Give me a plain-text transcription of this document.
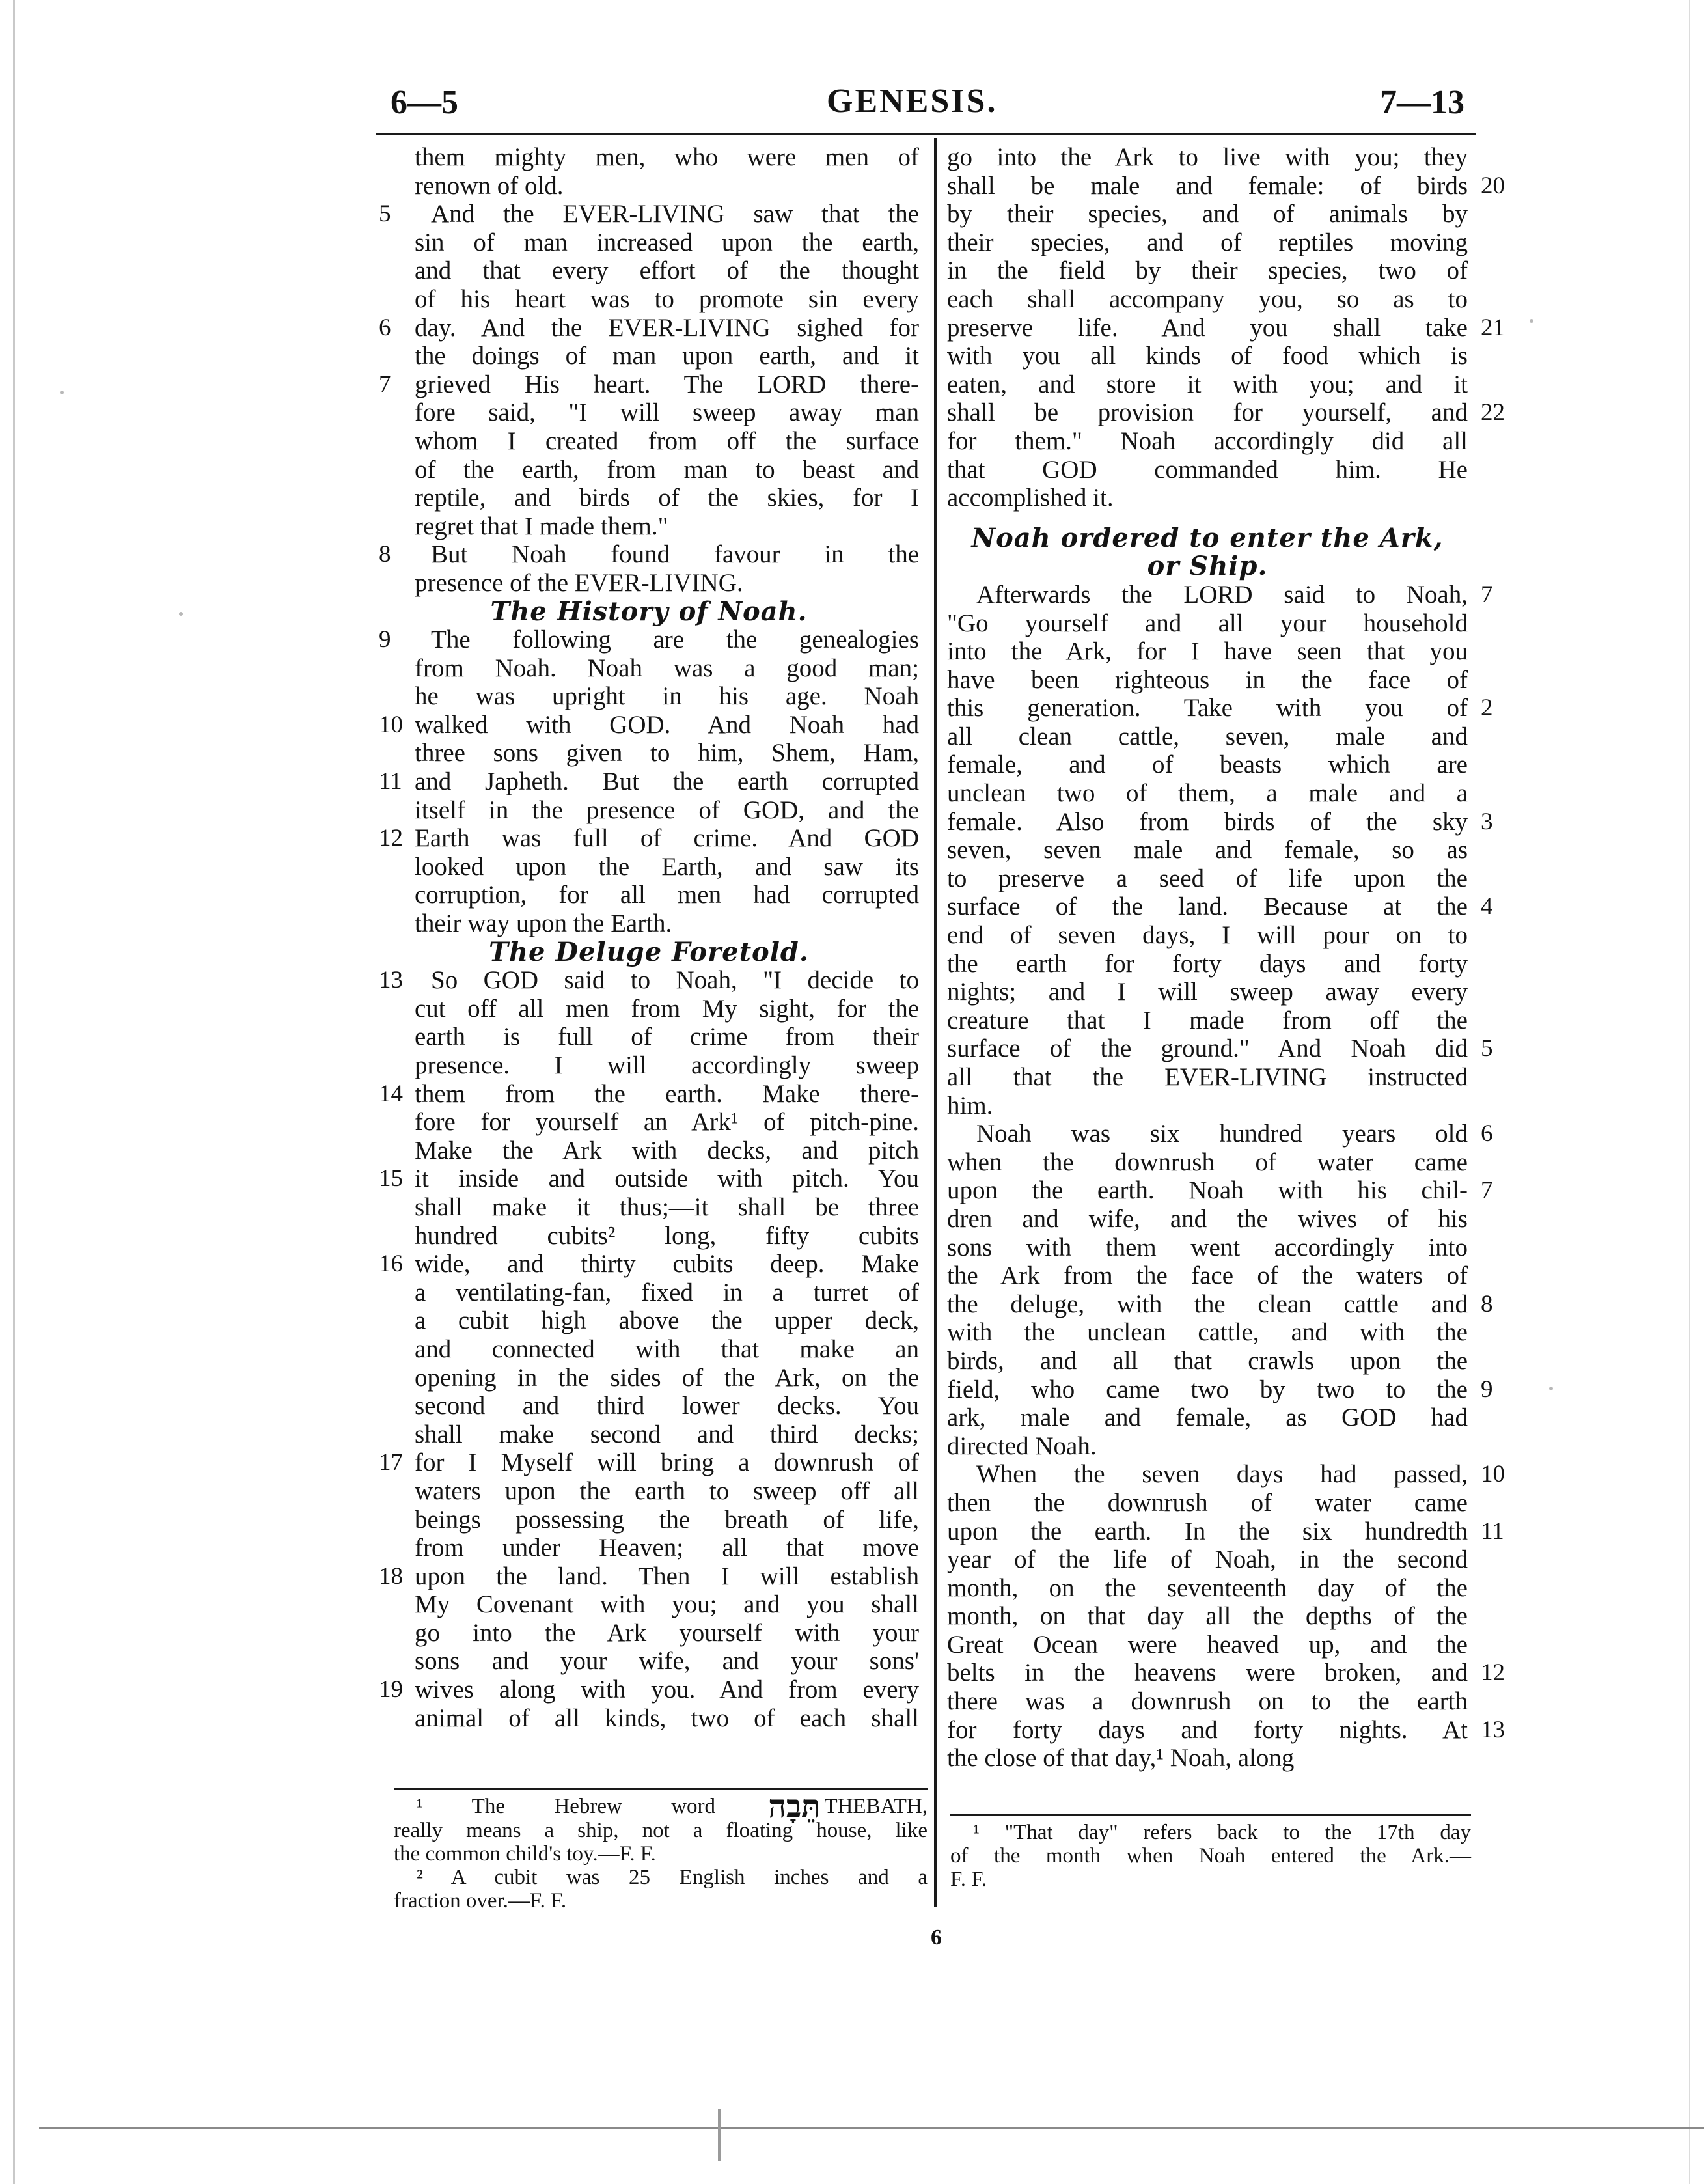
6—5	GENESIS.	7—13
them mighty men, who were men of
renown of old.
And the EVER-LIVING saw that the
5
sin of man increased upon the earth,
and that every effort of the thought
of his heart was to promote sin every
day. And the EVER-LIVING sighed for
6
the doings of man upon earth, and it
grieved His heart. The LORD there-
7
fore said, "I will sweep away man
whom I created from off the surface
of the earth, from man to beast and
reptile, and birds of the skies, for I
regret that I made them."
But Noah found favour in the
8
presence of the EVER-LIVING.
The History of Noah.
The following are the genealogies
9
from Noah. Noah was a good man;
he was upright in his age. Noah
walked with GOD. And Noah had
10
three sons given to him, Shem, Ham,
and Japheth. But the earth corrupted
11
itself in the presence of GOD, and the
Earth was full of crime. And GOD
12
looked upon the Earth, and saw its
corruption, for all men had corrupted
their way upon the Earth.
The Deluge Foretold.
So GOD said to Noah, "I decide to
13
cut off all men from My sight, for the
earth is full of crime from their
presence. I will accordingly sweep
them from the earth. Make there-
14
fore for yourself an Ark¹ of pitch-pine.
Make the Ark with decks, and pitch
it inside and outside with pitch. You
15
shall make it thus;—it shall be three
hundred cubits² long, fifty cubits
wide, and thirty cubits deep. Make
16
a ventilating-fan, fixed in a turret of
a cubit high above the upper deck,
and connected with that make an
opening in the sides of the Ark, on the
second and third lower decks. You
shall make second and third decks;
for I Myself will bring a downrush of
17
waters upon the earth to sweep off all
beings possessing the breath of life,
from under Heaven; all that move
upon the land. Then I will establish
18
My Covenant with you; and you shall
go into the Ark yourself with your
sons and your wife, and your sons'
wives along with you. And from every
19
animal of all kinds, two of each shall
go into the Ark to live with you; they
shall be male and female: of birds 20
by their species, and of animals by
their species, and of reptiles moving
in the field by their species, two of
each shall accompany you, so as to
preserve life. And you shall take 21
with you all kinds of food which is
eaten, and store it with you; and it
shall be provision for yourself, and 22
for them." Noah accordingly did all
that GOD commanded him. He
accomplished it.
Noah ordered to enter the Ark,
or Ship.
Afterwards the LORD said to Noah, 7
"Go yourself and all your household
into the Ark, for I have seen that you
have been righteous in the face of
this generation. Take with you of 2
all clean cattle, seven, male and
female, and of beasts which are
unclean two of them, a male and a
female. Also from birds of the sky 3
seven, seven male and female, so as
to preserve a seed of life upon the
surface of the land. Because at the 4
end of seven days, I will pour on to
the earth for forty days and forty
nights; and I will sweep away every
creature that I made from off the
surface of the ground." And Noah did 5
all that the EVER-LIVING instructed
him.
Noah was six hundred years old 6
when the downrush of water came
upon the earth. Noah with his chil- 7
dren and wife, and the wives of his
sons with them went accordingly into
the Ark from the face of the waters of
the deluge, with the clean cattle and 8
with the unclean cattle, and with the
birds, and all that crawls upon the
field, who came two by two to the 9
ark, male and female, as GOD had
directed Noah.
When the seven days had passed, 10
then the downrush of water came
upon the earth. In the six hundredth 11
year of the life of Noah, in the second
month, on the seventeenth day of the
month, on that day all the depths of the
Great Ocean were heaved up, and the
belts in the heavens were broken, and 12
there was a downrush on to the earth
for forty days and forty nights. At 13
the close of that day,¹ Noah, along
¹ The Hebrew word תֵּבָה THEBATH,
really means a ship, not a floating house, like
the common child's toy.—F. F.
² A cubit was 25 English inches and a
fraction over.—F. F.
¹ "That day" refers back to the 17th day
of the month when Noah entered the Ark.—
F. F.
6
